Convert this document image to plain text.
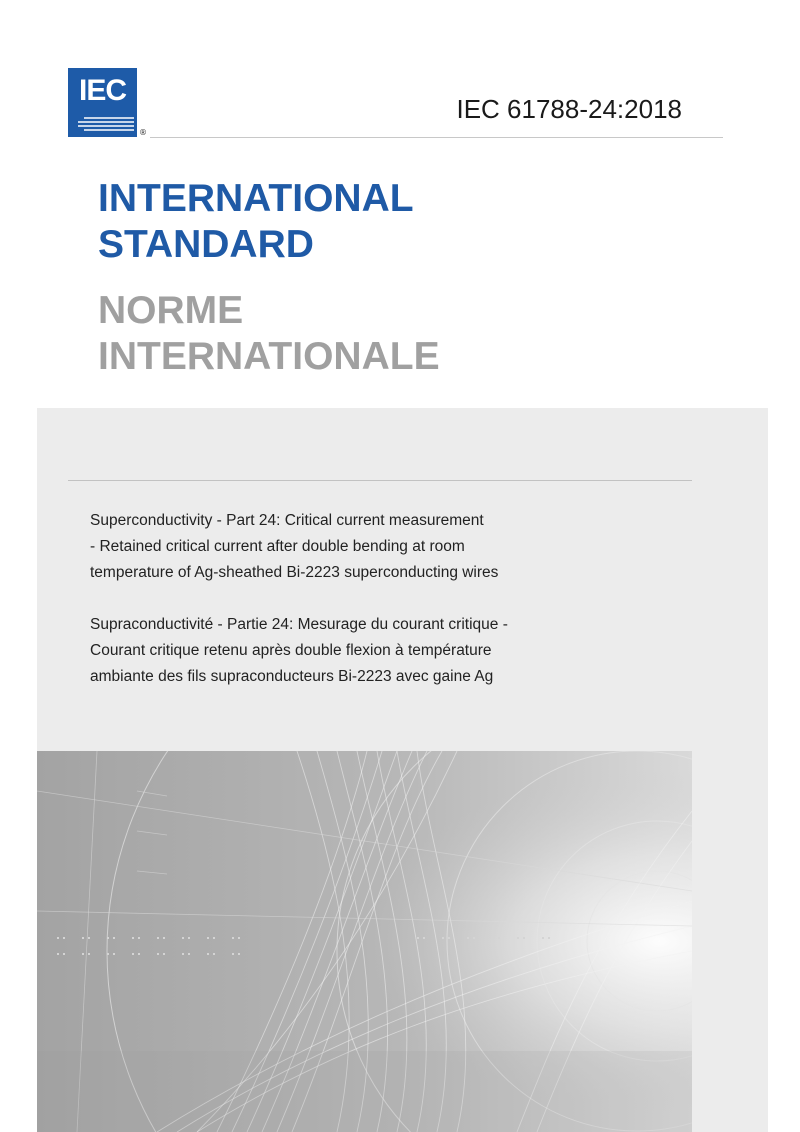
IEC
®
IEC 61788-24:2018
INTERNATIONAL
STANDARD
NORME
INTERNATIONALE

Superconductivity - Part 24: Critical current measurement
- Retained critical current after double bending at room
temperature of Ag-sheathed Bi-2223 superconducting wires

Supraconductivité - Partie 24: Mesurage du courant critique -
Courant critique retenu après double flexion à température
ambiante des fils supraconducteurs Bi-2223 avec gaine Ag
